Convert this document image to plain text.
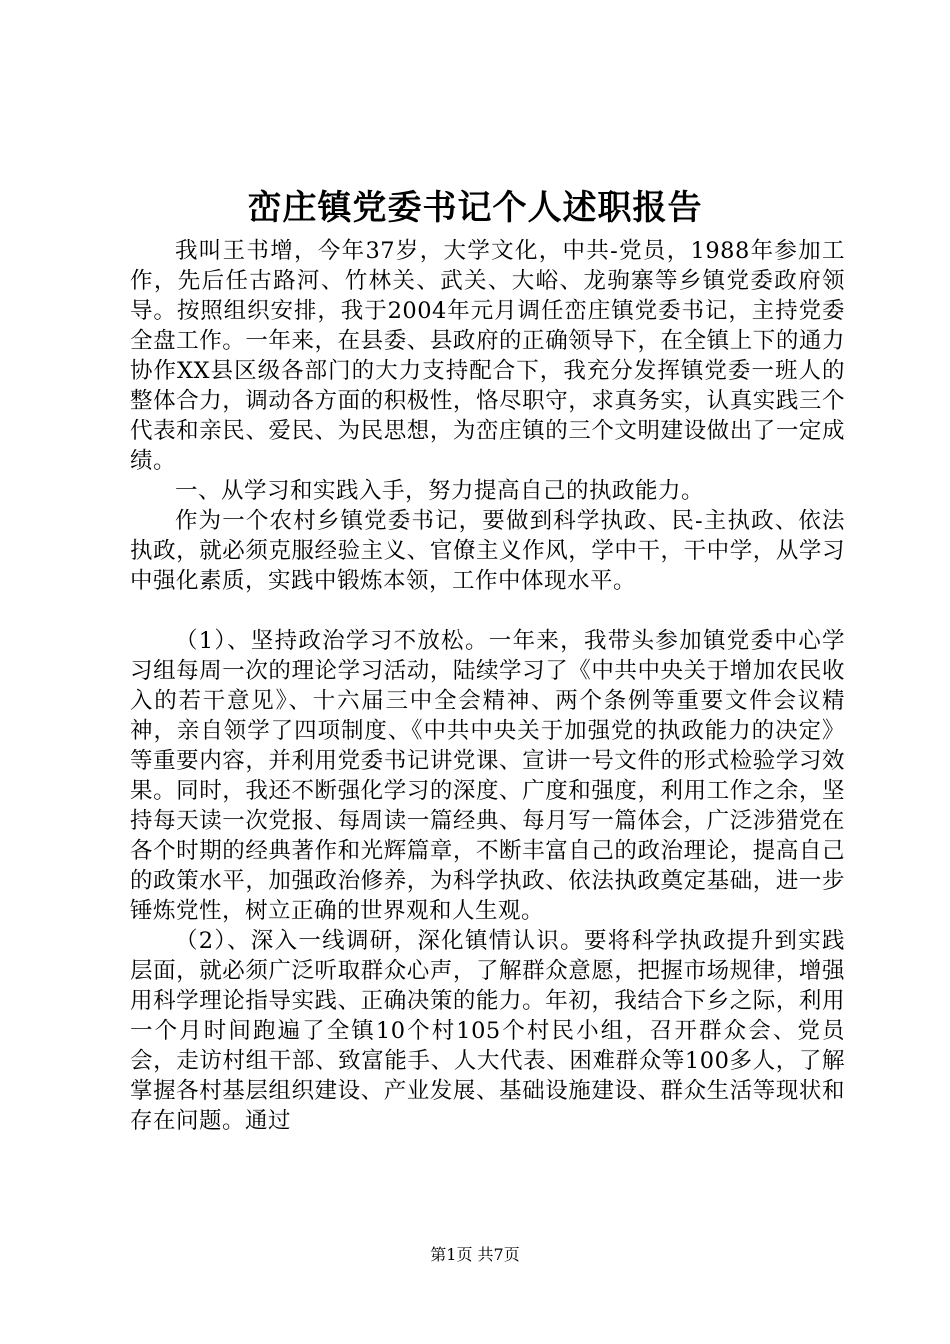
峦庄镇党委书记个人述职报告

我叫王书增，今年37岁，大学文化，中共-党员，1988年参加工作，先后任古路河、竹林关、武关、大峪、龙驹寨等乡镇党委政府领导。按照组织安排，我于2004年元月调任峦庄镇党委书记，主持党委全盘工作。一年来，在县委、县政府的正确领导下，在全镇上下的通力协作XX县区级各部门的大力支持配合下，我充分发挥镇党委一班人的整体合力，调动各方面的积极性，恪尽职守，求真务实，认真实践三个代表和亲民、爱民、为民思想，为峦庄镇的三个文明建设做出了一定成绩。

一、从学习和实践入手，努力提高自己的执政能力。

作为一个农村乡镇党委书记，要做到科学执政、民-主执政、依法执政，就必须克服经验主义、官僚主义作风，学中干，干中学，从学习中强化素质，实践中锻炼本领，工作中体现水平。

（1）、坚持政治学习不放松。一年来，我带头参加镇党委中心学习组每周一次的理论学习活动，陆续学习了《中共中央关于增加农民收入的若干意见》、十六届三中全会精神、两个条例等重要文件会议精神，亲自领学了四项制度、《中共中央关于加强党的执政能力的决定》等重要内容，并利用党委书记讲党课、宣讲一号文件的形式检验学习效果。同时，我还不断强化学习的深度、广度和强度，利用工作之余，坚持每天读一次党报、每周读一篇经典、每月写一篇体会，广泛涉猎党在各个时期的经典著作和光辉篇章，不断丰富自己的政治理论，提高自己的政策水平，加强政治修养，为科学执政、依法执政奠定基础，进一步锤炼党性，树立正确的世界观和人生观。

（2）、深入一线调研，深化镇情认识。要将科学执政提升到实践层面，就必须广泛听取群众心声，了解群众意愿，把握市场规律，增强用科学理论指导实践、正确决策的能力。年初，我结合下乡之际，利用一个月时间跑遍了全镇10个村105个村民小组，召开群众会、党员会，走访村组干部、致富能手、人大代表、困难群众等100多人，了解掌握各村基层组织建设、产业发展、基础设施建设、群众生活等现状和存在问题。通过

第1页 共7页
